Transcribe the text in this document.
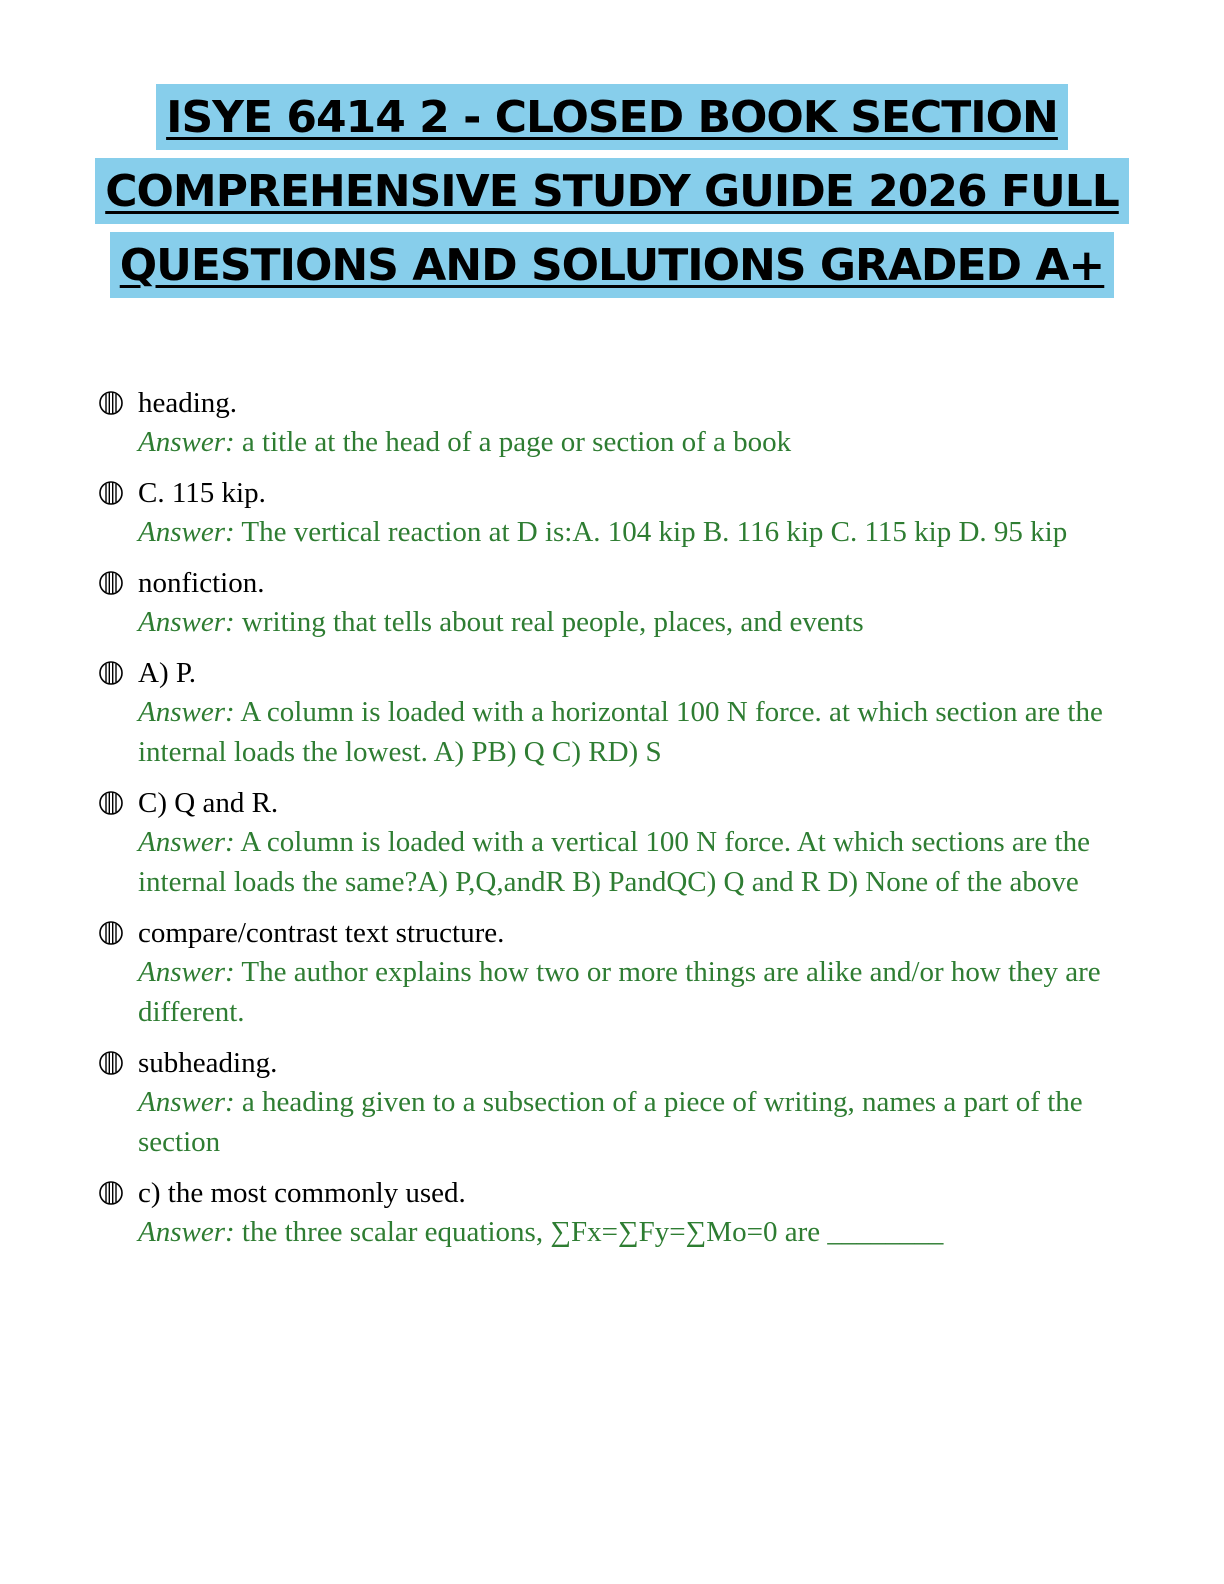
ISYE 6414 2 - CLOSED BOOK SECTION
COMPREHENSIVE STUDY GUIDE 2026 FULL
QUESTIONS AND SOLUTIONS GRADED A+
heading.
Answer: a title at the head of a page or section of a book
C. 115 kip.
Answer: The vertical reaction at D is:A. 104 kip B. 116 kip C. 115 kip D. 95 kip
nonfiction.
Answer: writing that tells about real people, places, and events
A) P.
Answer: A column is loaded with a horizontal 100 N force. at which section are the internal loads the lowest. A) PB) Q C) RD) S
C) Q and R.
Answer: A column is loaded with a vertical 100 N force. At which sections are the internal loads the same?A) P,Q,andR B) PandQC) Q and R D) None of the above
compare/contrast text structure.
Answer: The author explains how two or more things are alike and/or how they are different.
subheading.
Answer: a heading given to a subsection of a piece of writing, names a part of the section
c) the most commonly used.
Answer: the three scalar equations, ∑Fx=∑Fy=∑Mo=0 are ________
